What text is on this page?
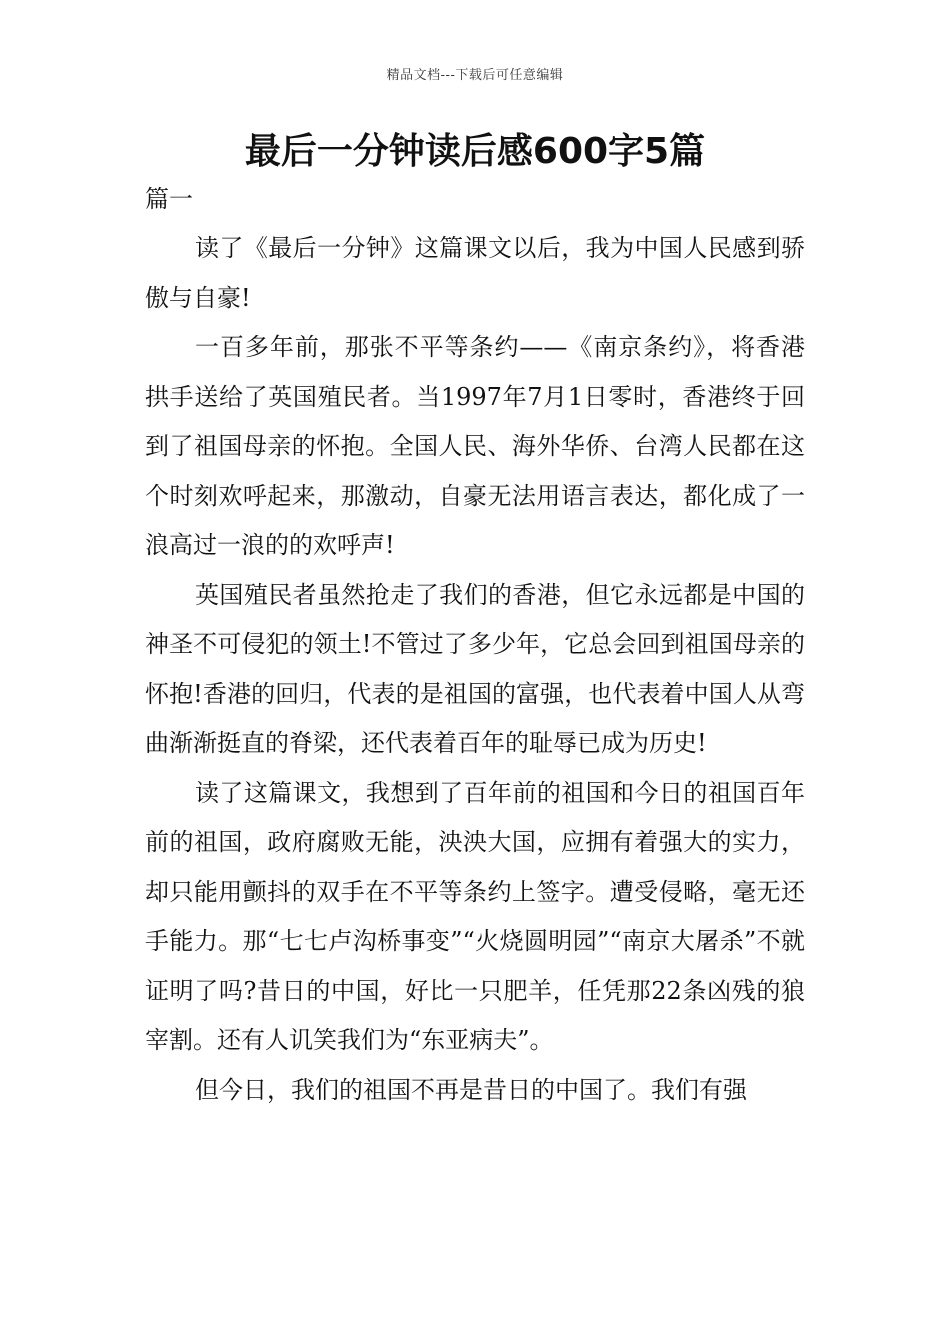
精品文档---下载后可任意编辑
最后一分钟读后感600字5篇
篇一

读了《最后一分钟》这篇课文以后，我为中国人民感到骄傲与自豪!

一百多年前，那张不平等条约——《南京条约》，将香港拱手送给了英国殖民者。当1997年7月1日零时，香港终于回到了祖国母亲的怀抱。全国人民、海外华侨、台湾人民都在这个时刻欢呼起来，那激动，自豪无法用语言表达，都化成了一浪高过一浪的的欢呼声!

英国殖民者虽然抢走了我们的香港，但它永远都是中国的神圣不可侵犯的领土!不管过了多少年，它总会回到祖国母亲的怀抱!香港的回归，代表的是祖国的富强，也代表着中国人从弯曲渐渐挺直的脊梁，还代表着百年的耻辱已成为历史!

读了这篇课文，我想到了百年前的祖国和今日的祖国百年前的祖国，政府腐败无能，泱泱大国，应拥有着强大的实力，却只能用颤抖的双手在不平等条约上签字。遭受侵略，毫无还手能力。那“七七卢沟桥事变”“火烧圆明园”“南京大屠杀”不就证明了吗?昔日的中国，好比一只肥羊，任凭那22条凶残的狼宰割。还有人讥笑我们为“东亚病夫”。

但今日，我们的祖国不再是昔日的中国了。我们有强
